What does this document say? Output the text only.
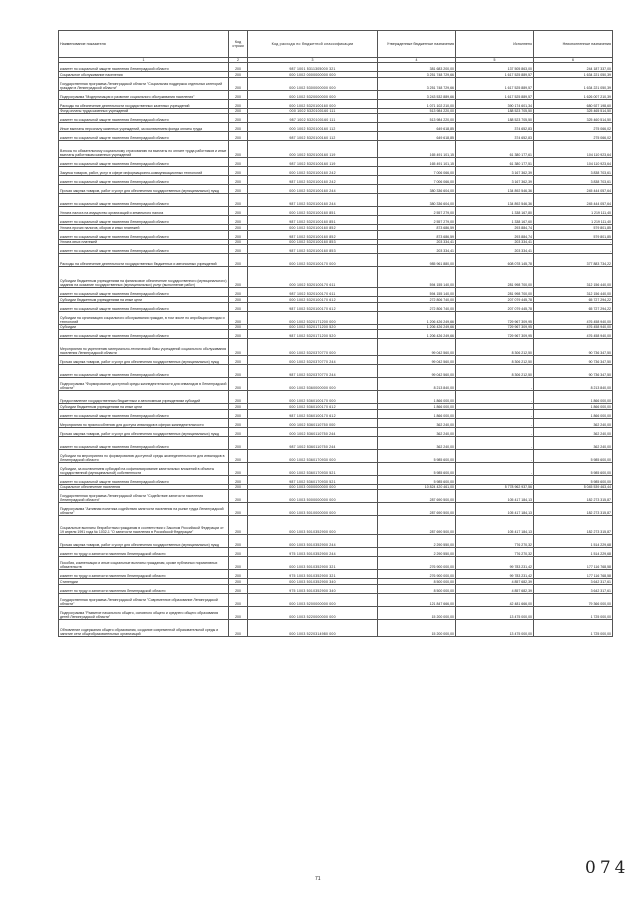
Наименование показателя	Код строки	Код расхода по бюджетной классификации	Утвержденные бюджетные назначения	Исполнено	Неисполненные назначения
1	2	3	4	5	6
комитет по социальной защите населения Ленинградской области	200	987 1001 5311305000 321	381 683 200,00	137 505 863,00	244 187 337,00
Социальное обслуживание населения	200	000 1002 0000000000 000	3 251 748 729,66	1 617 525 889,57	1 634 221 050,39
Государственная программа Ленинградской области "Социальная поддержка отдельных категорий граждан в Ленинградской области"	200	000 1002 5300000000 000	3 251 748 729,66	1 617 525 889,57	1 634 221 050,39
Подпрограмма "Модернизация и развитие социального обслуживания населения"	200	000 1002 5320000000 000	3 243 532 889,66	1 617 525 889,57	1 626 007 210,39
Расходы на обеспечение деятельности государственных казенных учреждений	200	000 1002 5320100160 000	1 071 102 210,00	390 174 601,34	680 927 198,60
Фонд оплаты труда казенных учреждений	200	000 1002 5320100160 111	513 984 220,00	188 523 705,50	325 465 514,50
комитет по социальной защите населения Ленинградской области	200	987 1002 5320100160 111	513 984 220,00	188 523 705,50	325 460 514,50
Иные выплаты персоналу казенных учреждений, за исключением фонда оплаты труда	200	000 1002 5320100160 112	649 618,85	374 652,83	275 066,02
комитет по социальной защите населения Ленинградской области	200	987 1002 5320100160 112	649 618,85	374 652,83	275 066,02
Взносы по обязательному социальному страхованию на выплаты по оплате труда работников и иные выплаты работникам казенных учреждений	200	000 1002 5320100160 119	165 491 101,15	61 380 177,61	104 110 923,64
комитет по социальной защите населения Ленинградской области	200	987 1002 5320100160 119	165 491 101,15	61 380 177,51	104 110 923,64
Закупка товаров, работ, услуг в сфере информационно-коммуникационных технологий	200	000 1002 5320100160 242	7 006 066,00	3 167 362,39	3 838 703,61
комитет по социальной защите населения Ленинградской области	200	987 1002 5320100160 242	7 006 066,00	3 167 362,39	3 838 703,61
Прочая закупка товаров, работ и услуг для обеспечения государственных (муниципальных) нужд	200	000 1002 5320100160 244	380 336 604,00	134 892 546,36	245 444 057,64
комитет по социальной защите населения Ленинградской области	200	987 1002 5320100160 244	380 336 604,00	134 892 546,36	245 444 057,64
Уплата налога на имущество организаций и земельного налога	200	000 1002 5320100160 851	2 557 279,00	1 338 167,80	1 219 111,40
комитет по социальной защите населения Ленинградской области	200	987 1002 5320100160 851	2 557 279,00	1 338 167,60	1 219 111,40
Уплата прочих налогов, сборов и иных платежей	200	000 1002 5320100160 852	873 686,59	293 884,74	579 801,85
комитет по социальной защите населения Ленинградской области	200	987 1002 5320100160 852	873 686,59	293 884,74	579 801,85
Уплата иных платежей	200	000 1002 5320100160 853	203 334,41	203 334,41	-
комитет по социальной защите населения Ленинградской области	200	987 1002 5320100160 853	203 334,41	203 334,41	-
Расходы на обеспечение деятельности государственных бюджетных и автономных учреждений	200	000 1002 5320100170 000	985 961 880,00	608 078 145,78	377 883 734,22
Субсидии бюджетным учреждениям на финансовое обеспечение государственного (муниципального) задания на оказание государственных (муниципальных) услуг (выполнение работ)	200	000 1002 5320100170 611	594 155 140,00	281 998 700,00	312 156 440,00
комитет по социальной защите населения Ленинградской области	200	987 1002 5320100170 611	594 155 140,00	281 998 700,00	312 156 440,00
Субсидии бюджетным учреждениям на иные цели	200	000 1002 5320100170 612	272 806 740,00	207 079 445,78	65 727 294,22
комитет по социальной защите населения Ленинградской области	200	987 1002 5320100170 612	272 806 740,00	207 079 445,78	65 727 294,22
Субсидии на организацию социального обслуживания граждан, в том числе по апробации методик и технологий	200	000 1002 5320171200 000	1 206 426 249,66	729 967 309,95	476 458 940,00
Субсидии	200	000 1002 5320171200 520	1 206 426 249,66	729 967 309,95	476 458 940,00
комитет по социальной защите населения Ленинградской области	200	987 1002 5320171200 520	1 206 426 249,66	729 967 309,95	476 458 940,00
Мероприятия по укреплению материально-технической базы учреждений социального обслуживания населения Ленинградской области	200	000 1002 5320370770 000	99 042 560,00	8 306 212,50	90 736 347,50
Прочая закупка товаров, работ и услуг для обеспечения государственных (муниципальных) нужд	200	000 1002 5320370770 244	99 042 560,00	8 306 212,50	90 736 347,50
комитет по социальной защите населения Ленинградской области	200	987 1002 5320370770 244	99 042 560,00	8 306 212,50	90 736 347,50
Подпрограмма "Формирование доступной среды жизнедеятельности для инвалидов в Ленинградской области"	200	000 1002 5360000000 000	8 213 840,00	-	8 213 840,00
Предоставление государственным бюджетным и автономным учреждениям субсидий	200	000 1002 5360100170 000	1 866 000,00	-	1 866 000,00
Субсидии бюджетным учреждениям на иные цели	200	000 1002 5360100170 612	1 866 000,00	-	1 866 000,00
комитет по социальной защите населения Ленинградской области	200	987 1002 5360100170 612	1 866 000,00	-	1 866 000,00
Мероприятия по приспособлению для доступа инвалидов в сферах жизнедеятельности	200	000 1002 5360110750 000	362 240,00	-	362 240,00
Прочая закупка товаров, работ и услуг для обеспечения государственных (муниципальных) нужд	200	000 1002 5360110750 244	362 240,00	-	362 240,00
комитет по социальной защите населения Ленинградской области	200	987 1002 5360110750 244	362 240,00	-	362 240,00
Субсидии на мероприятия по формированию доступной среды жизнедеятельности для инвалидов в Ленинградской области	200	000 1002 5360170930 000	5 985 600,00	-	5 985 600,00
Субсидии, за исключением субсидий на софинансирование капитальных вложений в объекты государственной (муниципальной) собственности	200	000 1002 5360170930 521	5 985 600,00	-	5 985 600,00
комитет по социальной защите населения Ленинградской области	200	987 1002 5360170930 521	5 985 600,00	-	5 985 600,00
Социальное обеспечение населения	200	000 1003 0000000000 000	10 824 420 461,00	5 778 962 937,56	5 045 539 463,44
Государственная программа Ленинградской области "Содействие занятости населения Ленинградской области"	200	000 1003 5000000000 000	287 690 500,00	105 417 184,13	182 273 315,87
Подпрограмма "Активная политика содействия занятости населения на рынке труда Ленинградской области"	200	000 1003 5010000000 000	287 690 500,00	105 417 184,13	182 273 315,87
Социальные выплаты безработным гражданам в соответствии с Законом Российской Федерации от 19 апреля 1991 года № 1032-1 "О занятости населения в Российской Федерации"	200	000 1003 5010352900 000	287 690 500,00	105 417 184,13	182 273 315,87
Прочая закупка товаров, работ и услуг для обеспечения государственных (муниципальных) нужд	200	000 1003 5010352900 244	2 290 550,00	776 270,32	1 514 229,68
комитет по труду и занятости населения Ленинградской области	200	975 1003 5010352900 244	2 290 550,00	776 270,32	1 514 229,68
Пособия, компенсации и иные социальные выплаты гражданам, кроме публичных нормативных обязательств	200	000 1003 5010352900 321	276 900 000,00	99 783 231,42	177 116 768,58
комитет по труду и занятости населения Ленинградской области	200	975 1003 5010352900 321	276 900 000,00	99 783 231,42	177 116 768,58
Стипендии	200	000 1003 5010352900 340	8 500 000,00	4 857 682,39	3 642 317,61
комитет по труду и занятости населения Ленинградской области	200	975 1003 5010352900 340	8 500 000,00	4 857 682,39	3 642 317,61
Государственная программа Ленинградской области "Современное образование Ленинградской области"	200	000 1003 5200000000 000	121 847 666,00	42 481 666,00	79 366 000,00
Подпрограмма "Развитие начального общего, основного общего и среднего общего образования детей Ленинградской области"	200	000 1003 5220000000 000	15 200 000,00	13 475 000,00	1 725 000,00
Обновление содержания общего образования, создание современной образовательной среды и занятие сети общеобразовательных организаций	200	000 1003 5220314980 000	15 200 000,00	13 475 000,00	1 725 000,00
71
074
